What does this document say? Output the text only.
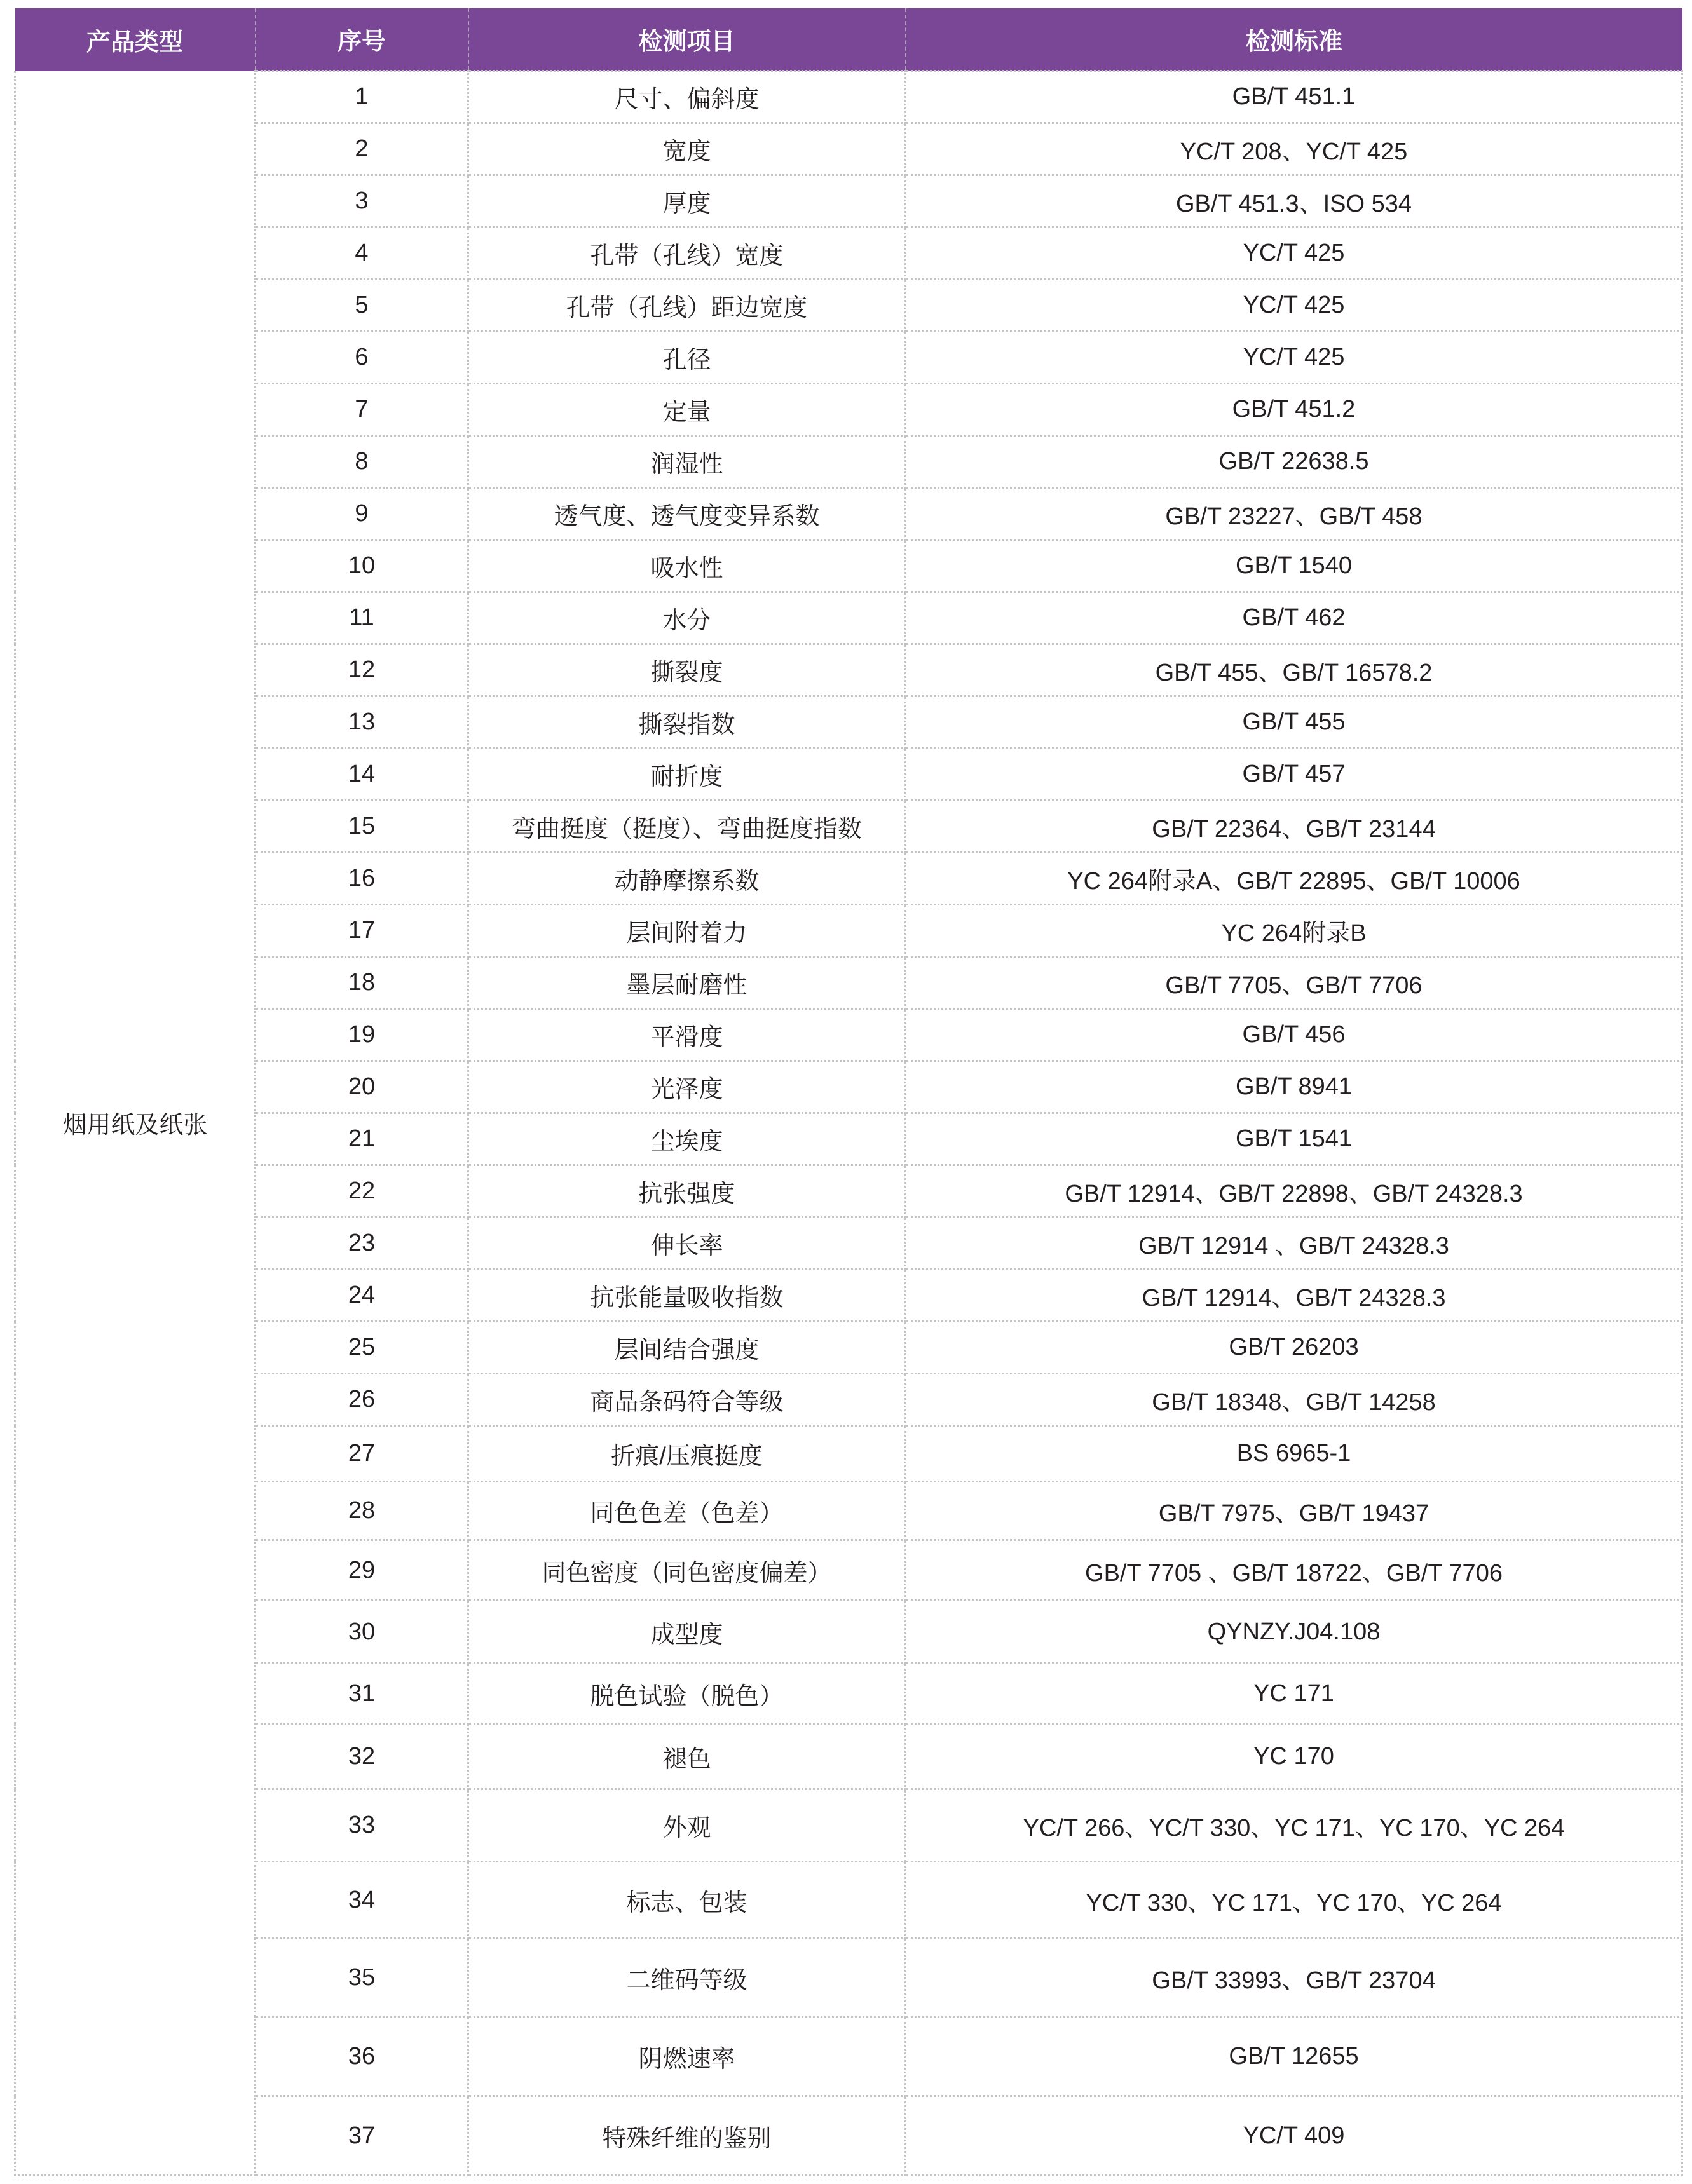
产品类型	序号	检测项目	检测标准
烟用纸及纸张	1	尺寸、偏斜度	GB/T 451.1
	2	宽度	YC/T 208、YC/T 425
	3	厚度	GB/T 451.3、ISO 534
	4	孔带（孔线）宽度	YC/T 425
	5	孔带（孔线）距边宽度	YC/T 425
	6	孔径	YC/T 425
	7	定量	GB/T 451.2
	8	润湿性	GB/T 22638.5
	9	透气度、透气度变异系数	GB/T 23227、GB/T 458
	10	吸水性	GB/T 1540
	11	水分	GB/T 462
	12	撕裂度	GB/T 455、GB/T 16578.2
	13	撕裂指数	GB/T 455
	14	耐折度	GB/T 457
	15	弯曲挺度（挺度）、弯曲挺度指数	GB/T 22364、GB/T 23144
	16	动静摩擦系数	YC 264附录A、GB/T 22895、GB/T 10006
	17	层间附着力	YC 264附录B
	18	墨层耐磨性	GB/T 7705、GB/T 7706
	19	平滑度	GB/T 456
	20	光泽度	GB/T 8941
	21	尘埃度	GB/T 1541
	22	抗张强度	GB/T 12914、GB/T 22898、GB/T 24328.3
	23	伸长率	GB/T 12914 、GB/T 24328.3
	24	抗张能量吸收指数	GB/T 12914、GB/T 24328.3
	25	层间结合强度	GB/T 26203
	26	商品条码符合等级	GB/T 18348、GB/T 14258
	27	折痕/压痕挺度	BS 6965-1
	28	同色色差（色差）	GB/T 7975、GB/T 19437
	29	同色密度（同色密度偏差）	GB/T 7705 、GB/T 18722、GB/T 7706
	30	成型度	QYNZY.J04.108
	31	脱色试验（脱色）	YC 171
	32	褪色	YC 170
	33	外观	YC/T 266、YC/T 330、YC 171、YC 170、YC 264
	34	标志、包装	YC/T 330、YC 171、YC 170、YC 264
	35	二维码等级	GB/T 33993、GB/T 23704
	36	阴燃速率	GB/T 12655
	37	特殊纤维的鉴别	YC/T 409
